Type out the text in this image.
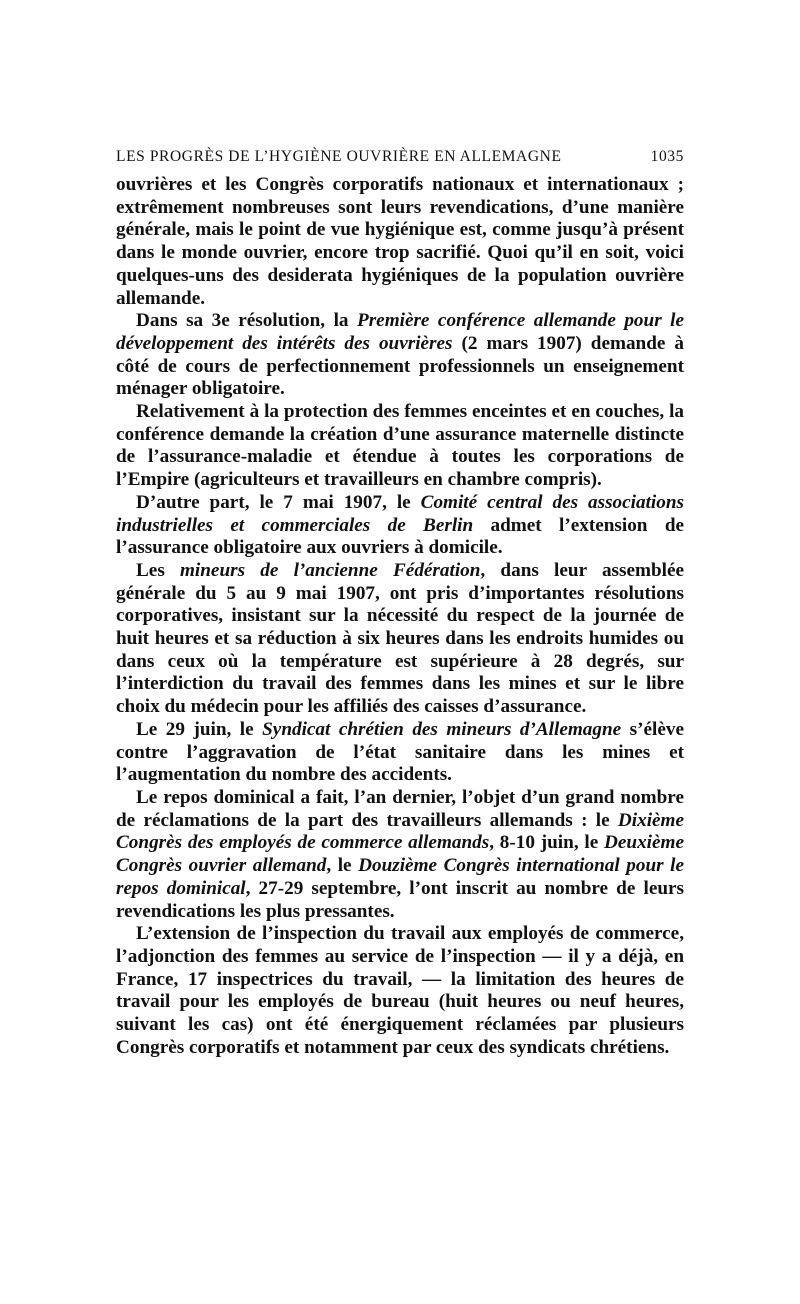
LES PROGRÈS DE L’HYGIÈNE OUVRIÈRE EN ALLEMAGNE	1035

ouvrières et les Congrès corporatifs nationaux et internationaux ; extrêmement nombreuses sont leurs revendications, d’une manière générale, mais le point de vue hygiénique est, comme jusqu’à présent dans le monde ouvrier, encore trop sacrifié. Quoi qu’il en soit, voici quelques-uns des desiderata hygiéniques de la population ouvrière allemande.

Dans sa 3e résolution, la Première conférence allemande pour le développement des intérêts des ouvrières (2 mars 1907) demande à côté de cours de perfectionnement professionnels un enseignement ménager obligatoire.

Relativement à la protection des femmes enceintes et en couches, la conférence demande la création d’une assurance maternelle distincte de l’assurance-maladie et étendue à toutes les corporations de l’Empire (agriculteurs et travailleurs en chambre compris).

D’autre part, le 7 mai 1907, le Comité central des associations industrielles et commerciales de Berlin admet l’extension de l’assurance obligatoire aux ouvriers à domicile.

Les mineurs de l’ancienne Fédération, dans leur assemblée générale du 5 au 9 mai 1907, ont pris d’importantes résolutions corporatives, insistant sur la nécessité du respect de la journée de huit heures et sa réduction à six heures dans les endroits humides ou dans ceux où la température est supérieure à 28 degrés, sur l’interdiction du travail des femmes dans les mines et sur le libre choix du médecin pour les affiliés des caisses d’assurance.

Le 29 juin, le Syndicat chrétien des mineurs d’Allemagne s’élève contre l’aggravation de l’état sanitaire dans les mines et l’augmentation du nombre des accidents.

Le repos dominical a fait, l’an dernier, l’objet d’un grand nombre de réclamations de la part des travailleurs allemands : le Dixième Congrès des employés de commerce allemands, 8-10 juin, le Deuxième Congrès ouvrier allemand, le Douzième Congrès international pour le repos dominical, 27-29 septembre, l’ont inscrit au nombre de leurs revendications les plus pressantes.

L’extension de l’inspection du travail aux employés de commerce, l’adjonction des femmes au service de l’inspection — il y a déjà, en France, 17 inspectrices du travail, — la limitation des heures de travail pour les employés de bureau (huit heures ou neuf heures, suivant les cas) ont été énergiquement réclamées par plusieurs Congrès corporatifs et notamment par ceux des syndicats chrétiens.
